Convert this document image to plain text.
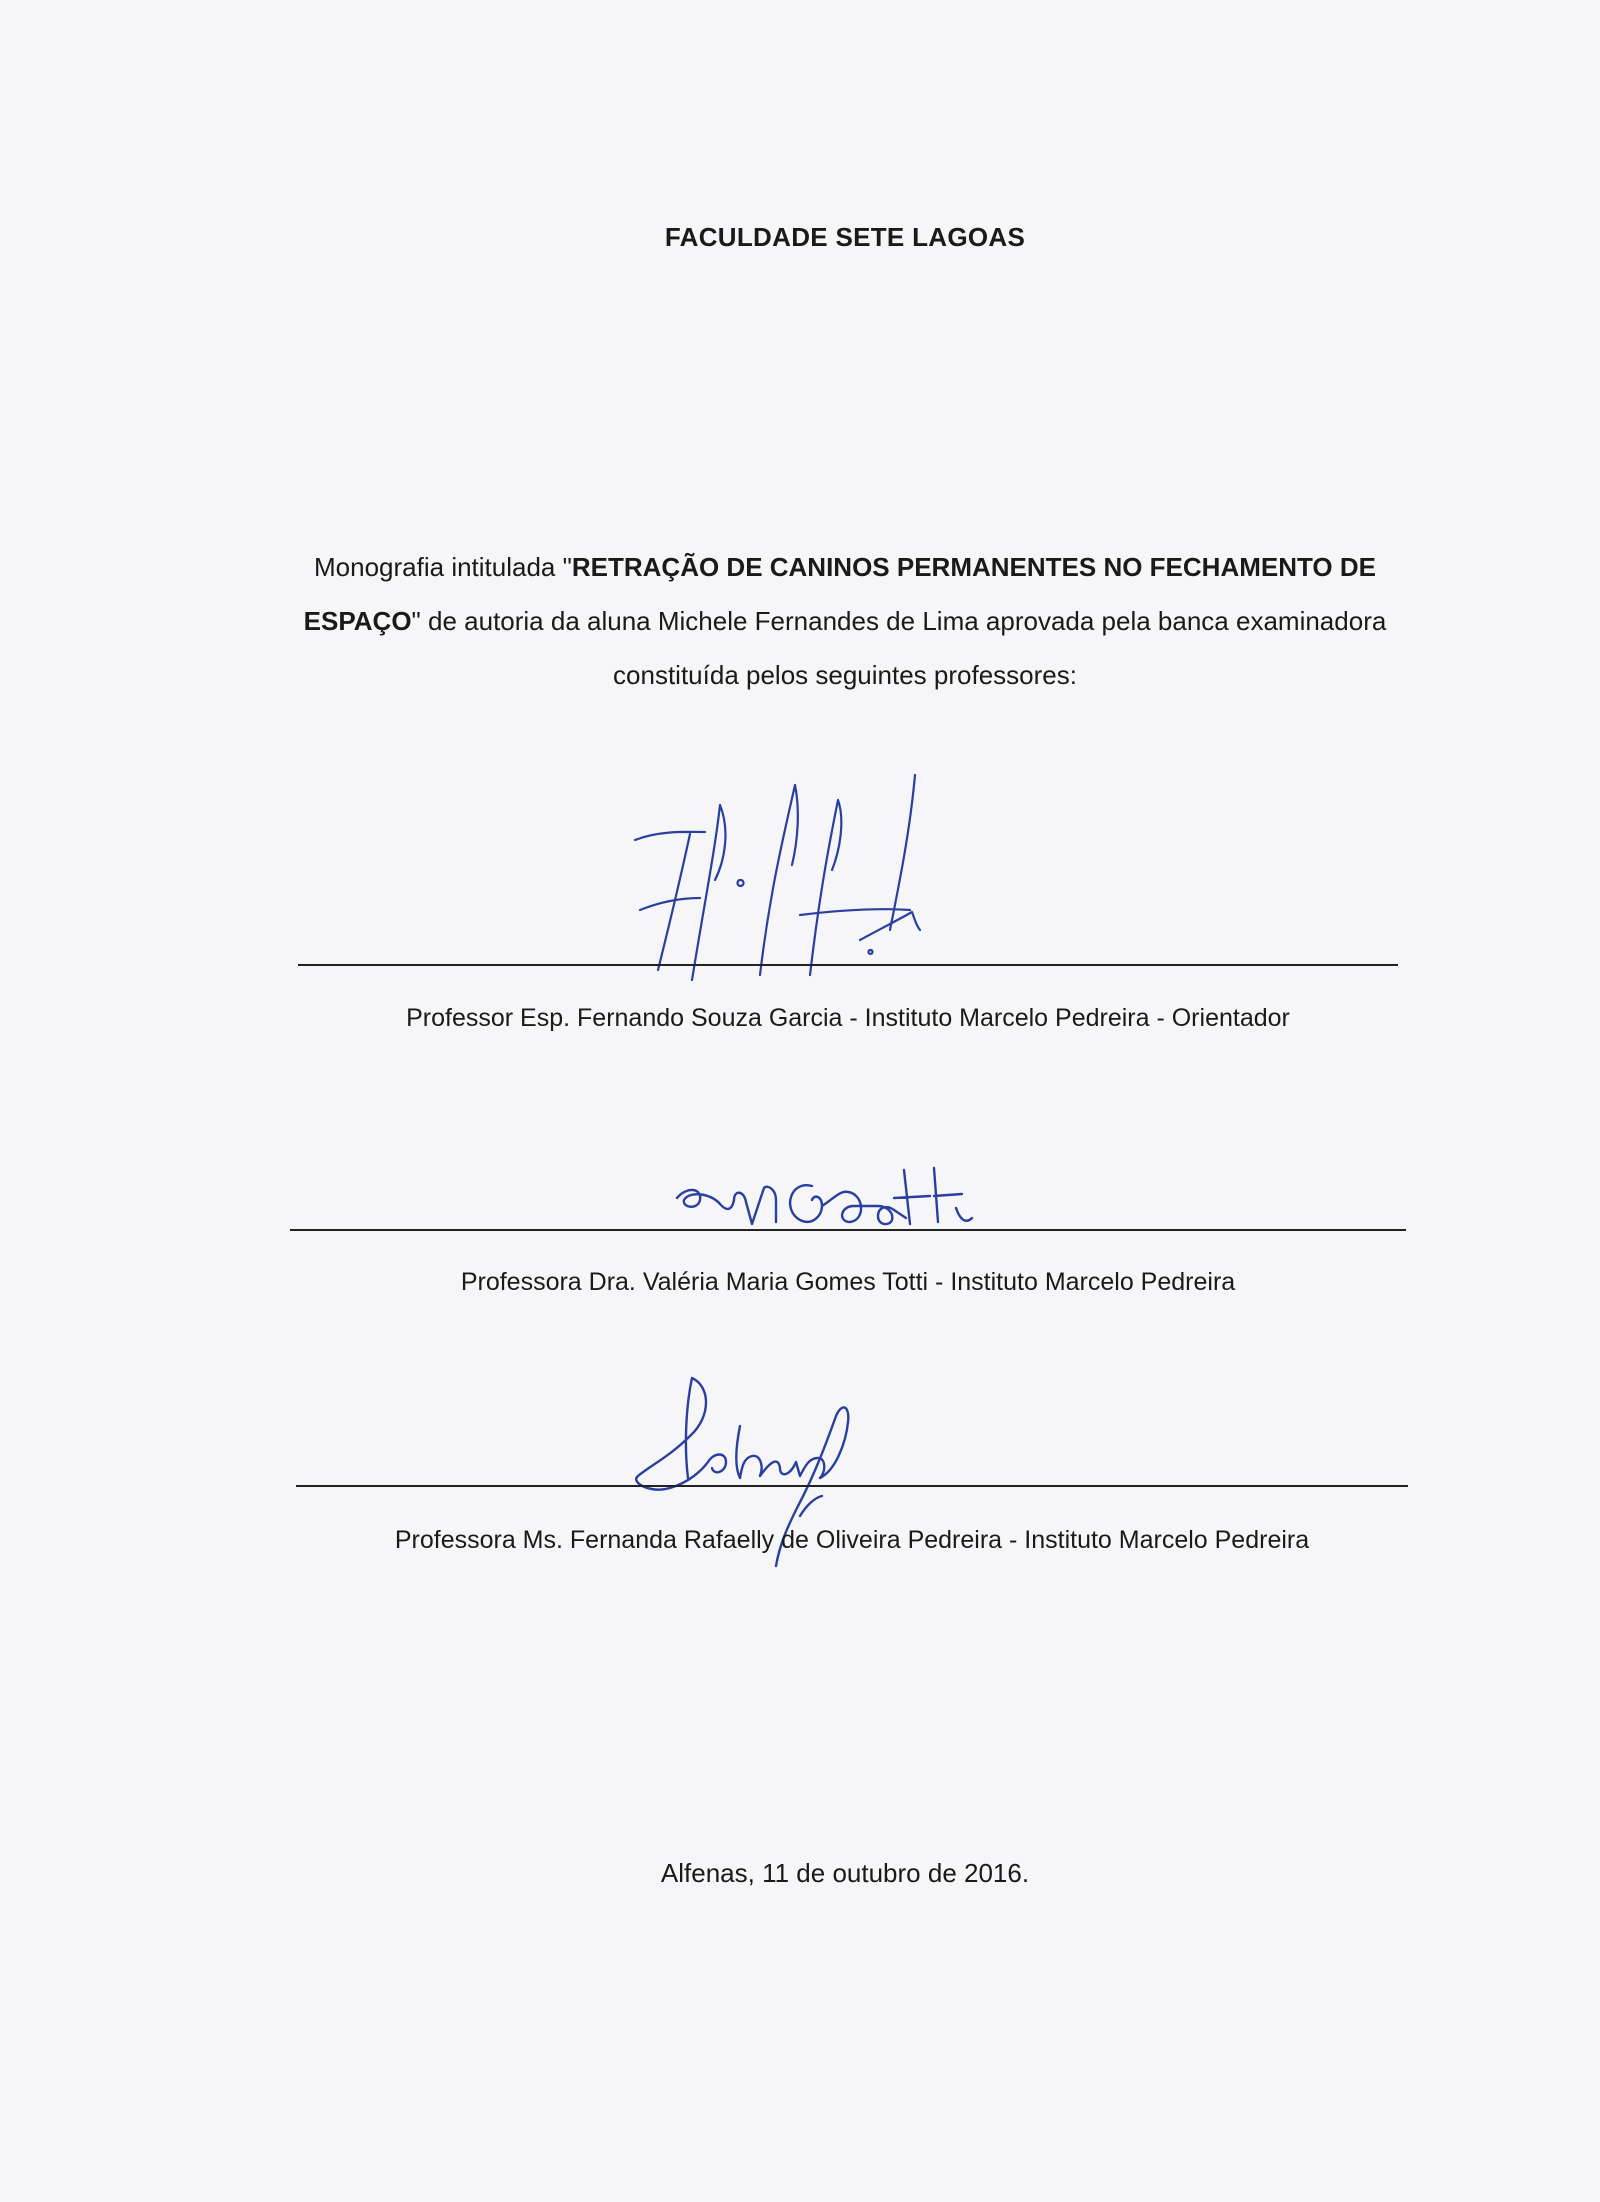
FACULDADE SETE LAGOAS
Monografia intitulada "RETRAÇÃO DE CANINOS PERMANENTES NO FECHAMENTO DE ESPAÇO" de autoria da aluna Michele Fernandes de Lima aprovada pela banca examinadora constituída pelos seguintes professores:
Professor Esp. Fernando Souza Garcia - Instituto Marcelo Pedreira - Orientador
Professora Dra. Valéria Maria Gomes Totti - Instituto Marcelo Pedreira
Professora Ms. Fernanda Rafaelly de Oliveira Pedreira - Instituto Marcelo Pedreira
Alfenas, 11 de outubro de 2016.
